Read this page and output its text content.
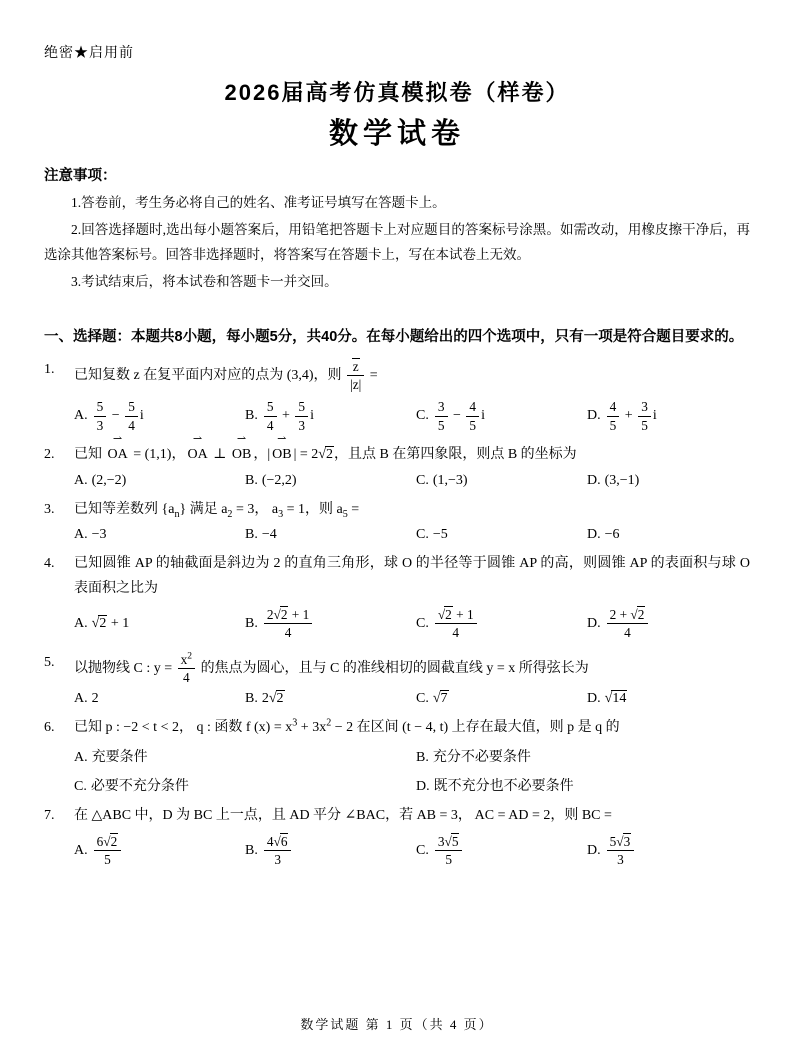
绝密★启用前
2026届高考仿真模拟卷（样卷）
数学试卷
注意事项：

1.答卷前，考生务必将自己的姓名、准考证号填写在答题卡上。

2.回答选择题时,选出每小题答案后，用铅笔把答题卡上对应题目的答案标号涂黑。如需改动，用橡皮擦干净后，再选涂其他答案标号。回答非选择题时，将答案写在答题卡上，写在本试卷上无效。

3.考试结束后，将本试卷和答题卡一并交回。

一、选择题：本题共8小题，每小题5分，共40分。在每小题给出的四个选项中，只有一项是符合题目要求的。
1.	已知复数 z 在复平面内对应的点为 (3,4)，则 $\frac{z}{|z|}$ =
A. $\frac{5}{3} - \frac{5}{4}$ i	B. $\frac{5}{4} + \frac{5}{3}$ i	C. $\frac{3}{5} - \frac{4}{5}$ i	D. $\frac{4}{5} + \frac{3}{5}$ i
2.	已知
⇀
OA = (1,1)，
⇀
OA ⊥
⇀
OB ，|
⇀
OB | = 2√2，且点 B 在第四象限，则点 B 的坐标为
A. (2,−2)	B. (−2,2)	C. (1,−3)	D. (3,−1)
3.	已知等差数列 $\{a_n\}$ 满足 $a_2 = 3$， $a_3 = 1$，则 $a_5$ =
A. −3	B. −4	C. −5	D. −6
4.	已知圆锥 AP 的轴截面是斜边为 2 的直角三角形，球 O 的半径等于圆锥 AP 的高，则圆锥 AP 的表面积与球 O 表面积之比为
A. √2 + 1	B. $\frac{2√2 + 1}{4}$	C. $\frac{√2 + 1}{4}$	D. $\frac{2 + √2}{4}$
5.	以抛物线 C : $y = \frac{x^2}{4}$ 的焦点为圆心，且与 C 的准线相切的圆截直线 y = x 所得弦长为
A. 2	B. 2√2	C. √7	D. √14
6.	已知 p : −2 < t < 2， q : 函数 f $(x) = x^3 + 3x^2 - 2$ 在区间 (t − 4, t) 上存在最大值，则 p 是 q 的
A. 充要条件	B. 充分不必要条件
C. 必要不充分条件	D. 既不充分也不必要条件
7.	在 △ABC 中，D 为 BC 上一点，且 AD 平分 ∠BAC，若 AB = 3， AC = AD = 2，则 BC =
A. $\frac{6√2}{5}$	B. $\frac{4√6}{3}$	C. $\frac{3√5}{5}$	D. $\frac{5√3}{3}$
数学试题 第 1 页（共 4 页）
